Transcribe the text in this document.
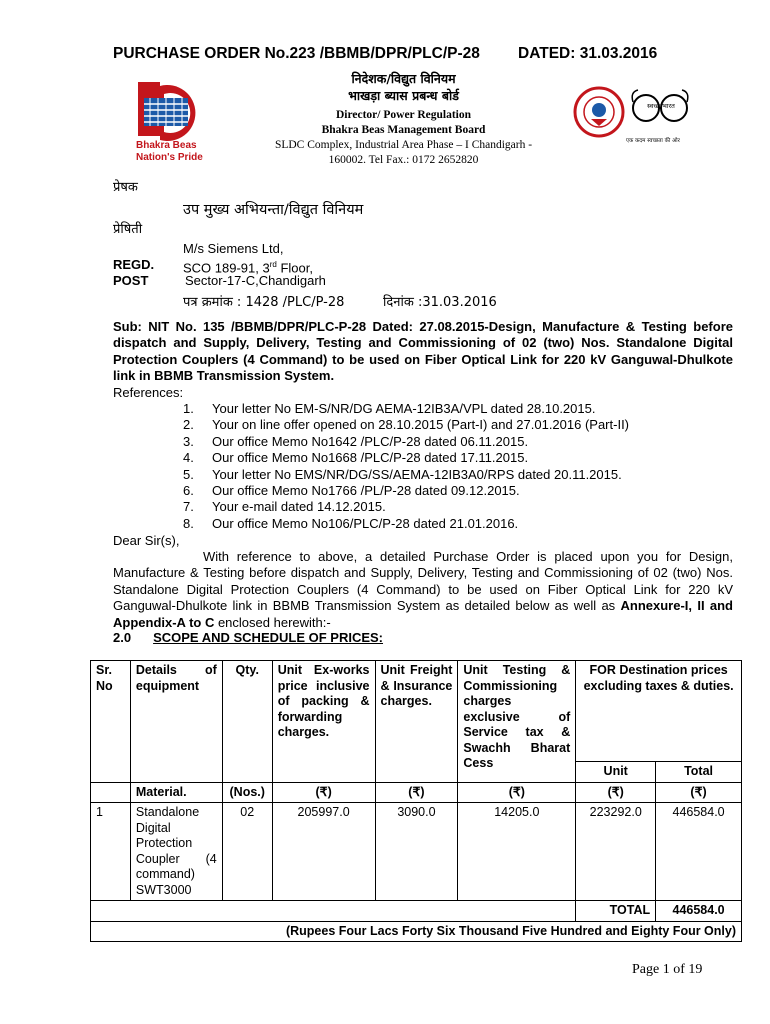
PURCHASE ORDER No.223 /BBMB/DPR/PLC/P-28 DATED: 31.03.2016
Bhakra Beas
Nation's Pride
निदेशक/विद्युत विनियम
भाखड़ा ब्यास प्रबन्ध बोर्ड
Director/ Power Regulation
Bhakra Beas Management Board
SLDC Complex, Industrial Area Phase – I Chandigarh -
160002. Tel Fax.: 0172 2652820
स्वच्छ भारत
एक कदम स्वच्छता की ओर
प्रेषक
उप मुख्य अभियन्ता/विद्युत विनियम
प्रेषिती
M/s Siemens Ltd,
REGD. SCO 189-91, 3rd Floor,
POST	Sector-17-C,Chandigarh
पत्र क्रमांक : 1428 /PLC/P-28	दिनांक :31.03.2016
Sub: NIT No. 135 /BBMB/DPR/PLC-P-28 Dated: 27.08.2015-Design, Manufacture & Testing before dispatch and Supply, Delivery, Testing and Commissioning of 02 (two) Nos. Standalone Digital Protection Couplers (4 Command) to be used on Fiber Optical Link for 220 kV Ganguwal-Dhulkote link in BBMB Transmission System.
References:
1. Your letter No EM-S/NR/DG AEMA-12IB3A/VPL dated 28.10.2015.
2. Your on line offer opened on 28.10.2015 (Part-I) and 27.01.2016 (Part-II)
3. Our office Memo No1642 /PLC/P-28 dated 06.11.2015.
4. Our office Memo No1668 /PLC/P-28 dated 17.11.2015.
5. Your letter No EMS/NR/DG/SS/AEMA-12IB3A0/RPS dated 20.11.2015.
6. Our office Memo No1766 /PL/P-28 dated 09.12.2015.
7. Your e-mail dated 14.12.2015.
8. Our office Memo No106/PLC/P-28 dated 21.01.2016.
Dear Sir(s),
With reference to above, a detailed Purchase Order is placed upon you for Design, Manufacture & Testing before dispatch and Supply, Delivery, Testing and Commissioning of 02 (two) Nos. Standalone Digital Protection Couplers (4 Command) to be used on Fiber Optical Link for 220 kV Ganguwal-Dhulkote link in BBMB Transmission System as detailed below as well as Annexure-I, II and Appendix-A to C enclosed herewith:-
2.0 SCOPE AND SCHEDULE OF PRICES:
Sr. No	Details of equipment	Qty.	Unit Ex-works price inclusive of packing & forwarding charges.	Unit Freight & Insurance charges.	Unit Testing & Commissioning charges exclusive of Service tax & Swachh Bharat Cess	FOR Destination prices excluding taxes & duties.	
						Unit	Total
	Material.	(Nos.)	(₹)	(₹)	(₹)	(₹)	(₹)
1	Standalone Digital Protection Coupler (4 command) SWT3000	02	205997.0	3090.0	14205.0	223292.0	446584.0
						TOTAL	446584.0
(Rupees Four Lacs Forty Six Thousand Five Hundred and Eighty Four Only)							
Page 1 of 19
